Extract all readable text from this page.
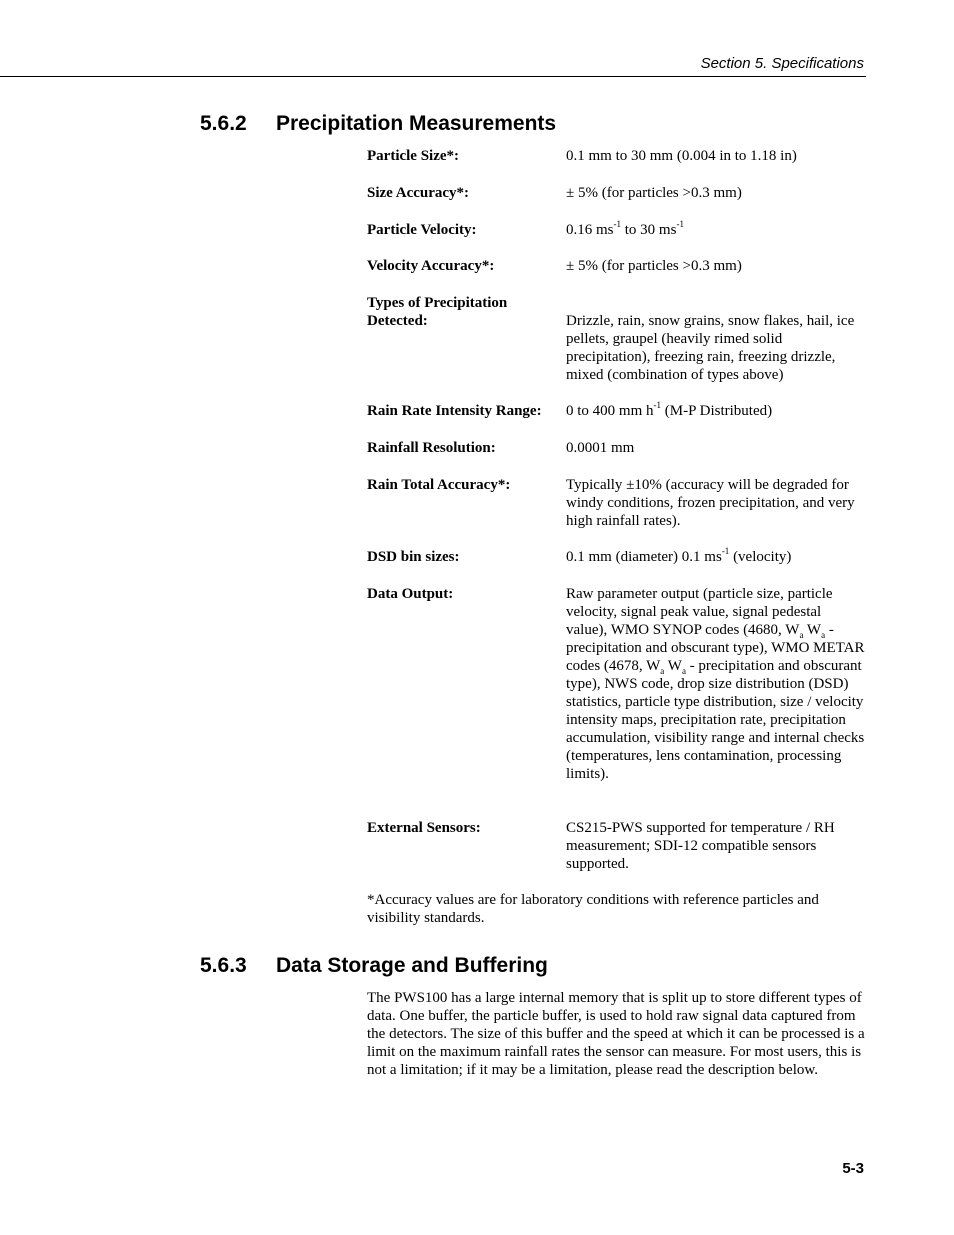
Section 5. Specifications
5.6.2 Precipitation Measurements
Particle Size*:	0.1 mm to 30 mm (0.004 in to 1.18 in)
Size Accuracy*:	± 5% (for particles >0.3 mm)
Particle Velocity:	0.16 $ms^{-1}$ to 30 $ms^{-1}$
Velocity Accuracy*:	± 5% (for particles >0.3 mm)
Types of Precipitation
Detected:	Drizzle, rain, snow grains, snow flakes, hail, ice pellets, graupel (heavily rimed solid precipitation), freezing rain, freezing drizzle, mixed (combination of types above)
Rain Rate Intensity Range:	0 to 400 mm $h^{-1}$ (M-P Distributed)
Rainfall Resolution:	0.0001 mm
Rain Total Accuracy*:	Typically ±10% (accuracy will be degraded for windy conditions, frozen precipitation, and very high rainfall rates).
DSD bin sizes:	0.1 mm (diameter) 0.1 $ms^{-1}$ (velocity)
Data Output:	Raw parameter output (particle size, particle velocity, signal peak value, signal pedestal value), WMO SYNOP codes (4680, $W_a$ $W_a$ - precipitation and obscurant type), WMO METAR codes (4678, $W_a$ $W_a$ - precipitation and obscurant type), NWS code, drop size distribution (DSD) statistics, particle type distribution, size / velocity intensity maps, precipitation rate, precipitation accumulation, visibility range and internal checks (temperatures, lens contamination, processing limits).
External Sensors:	CS215-PWS supported for temperature / RH measurement; SDI-12 compatible sensors supported.
*Accuracy values are for laboratory conditions with reference particles and visibility standards.
5.6.3 Data Storage and Buffering
The PWS100 has a large internal memory that is split up to store different types of data. One buffer, the particle buffer, is used to hold raw signal data captured from the detectors. The size of this buffer and the speed at which it can be processed is a limit on the maximum rainfall rates the sensor can measure. For most users, this is not a limitation; if it may be a limitation, please read the description below.
5-3
